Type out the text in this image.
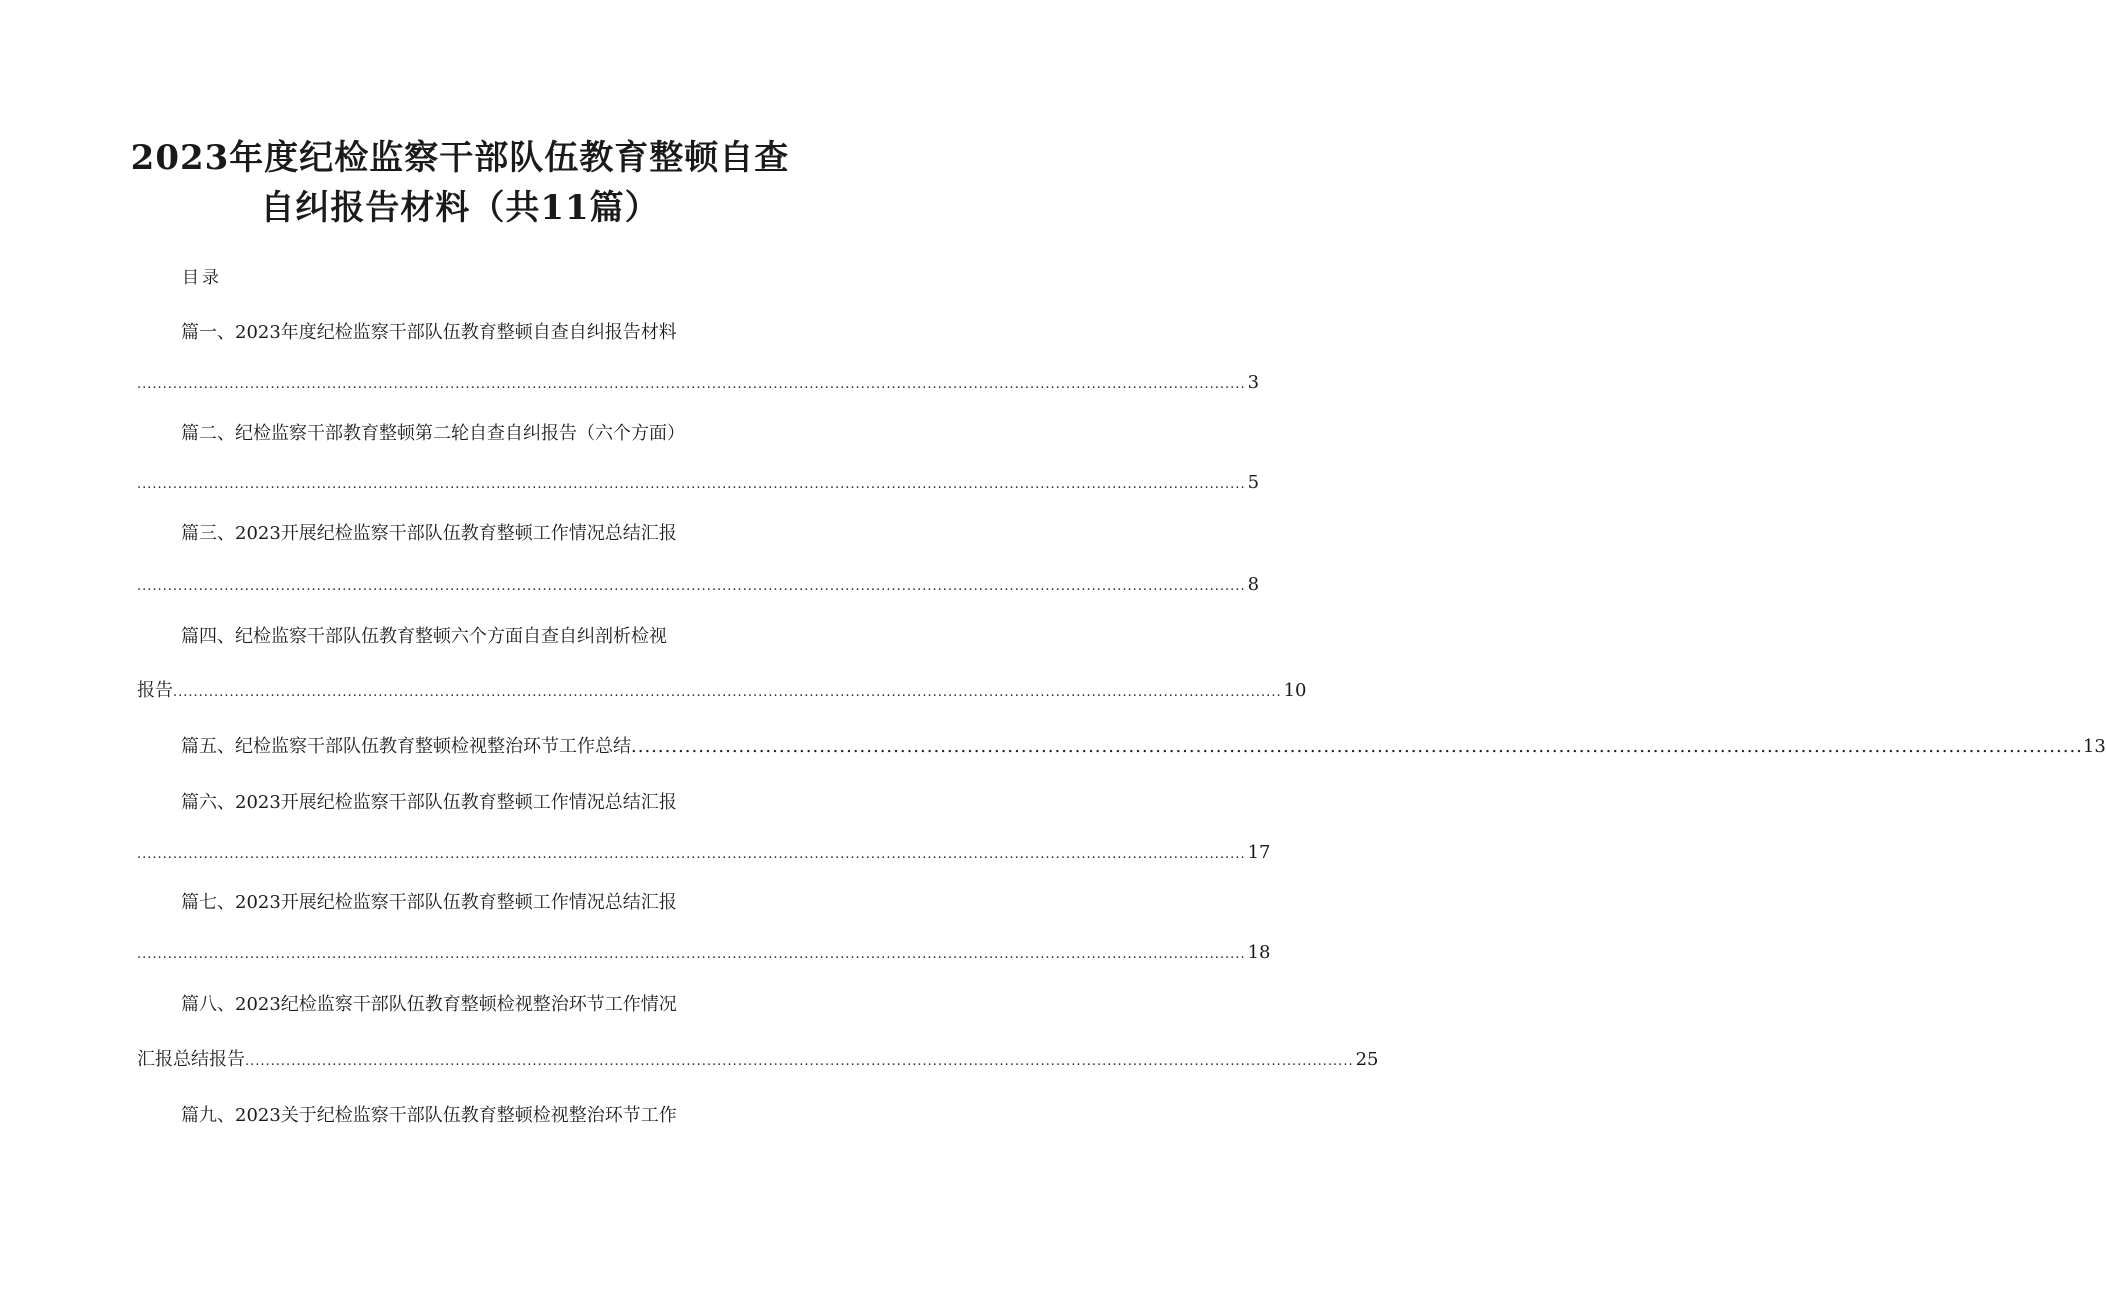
2023年度纪检监察干部队伍教育整顿自查
自纠报告材料（共11篇）
目录
篇一、2023年度纪检监察干部队伍教育整顿自查自纠报告材料
........................................................................................................................................................................................................................ 3
篇二、纪检监察干部教育整顿第二轮自查自纠报告（六个方面）
........................................................................................................................................................................................................................ 5
篇三、2023开展纪检监察干部队伍教育整顿工作情况总结汇报
........................................................................................................................................................................................................................ 8
篇四、纪检监察干部队伍教育整顿六个方面自查自纠剖析检视
报告 ........................................................................................................................................................................................................................ 10
篇五、纪检监察干部队伍教育整顿检视整治环节工作总结 ........................................................................................................................................................................................................................ 13
篇六、2023开展纪检监察干部队伍教育整顿工作情况总结汇报
........................................................................................................................................................................................................................ 17
篇七、2023开展纪检监察干部队伍教育整顿工作情况总结汇报
........................................................................................................................................................................................................................ 18
篇八、2023纪检监察干部队伍教育整顿检视整治环节工作情况
汇报总结报告 ........................................................................................................................................................................................................................ 25
篇九、2023关于纪检监察干部队伍教育整顿检视整治环节工作
